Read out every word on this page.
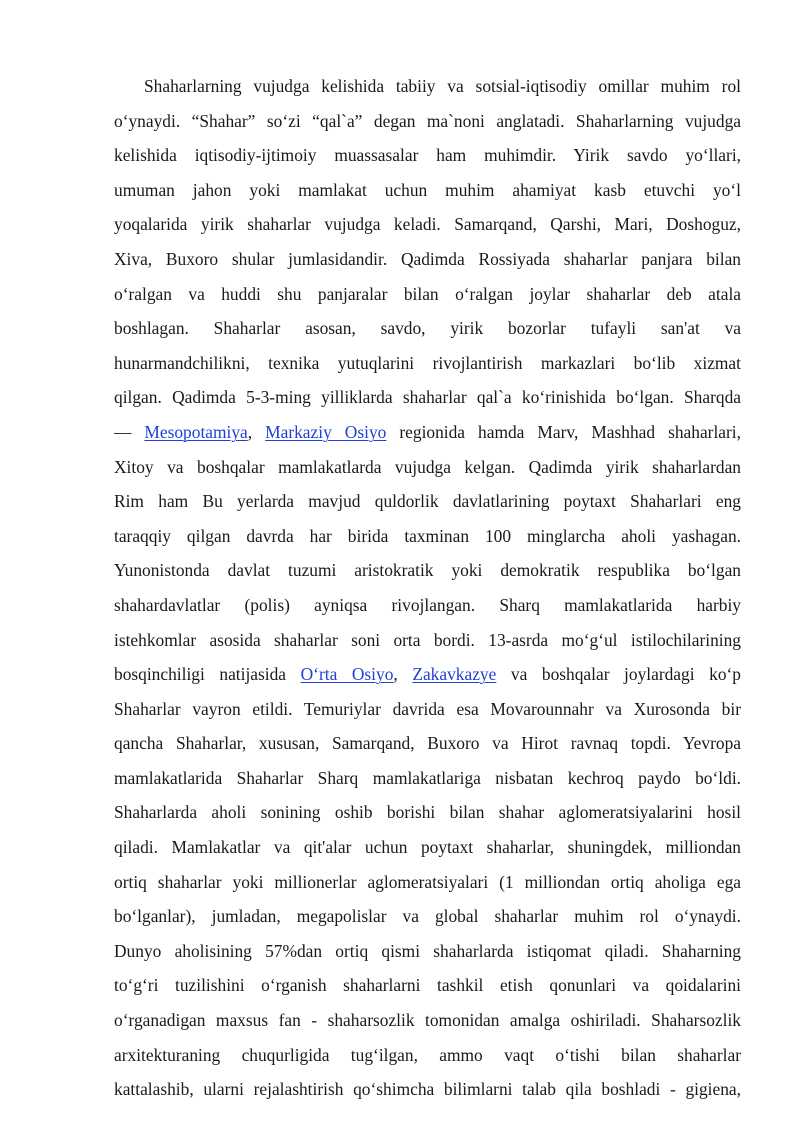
Shaharlarning vujudga kelishida tabiiy va sotsial-iqtisodiy omillar muhim rol
o‘ynaydi. “Shahar” so‘zi “qal`a” degan ma`noni anglatadi. Shaharlarning vujudga
kelishida iqtisodiy-ijtimoiy muassasalar ham muhimdir. Yirik savdo yo‘llari,
umuman jahon yoki mamlakat uchun muhim ahamiyat kasb etuvchi yo‘l
yoqalarida yirik shaharlar vujudga keladi. Samarqand, Qarshi, Mari, Doshoguz,
Xiva, Buxoro shular jumlasidandir. Qadimda Rossiyada shaharlar panjara bilan
o‘ralgan va huddi shu panjaralar bilan o‘ralgan joylar shaharlar deb atala
boshlagan. Shaharlar asosan, savdo, yirik bozorlar tufayli san'at va
hunarmandchilikni, texnika yutuqlarini rivojlantirish markazlari bo‘lib xizmat
qilgan. Qadimda 5-3-ming yilliklarda shaharlar qal`a ko‘rinishida bo‘lgan. Sharqda
— Mesopotamiya, Markaziy Osiyo regionida hamda Marv, Mashhad shaharlari,
Xitoy va boshqalar mamlakatlarda vujudga kelgan. Qadimda yirik shaharlardan
Rim ham Bu yerlarda mavjud quldorlik davlatlarining poytaxt Shaharlari eng
taraqqiy qilgan davrda har birida taxminan 100 minglarcha aholi yashagan.
Yunonistonda davlat tuzumi aristokratik yoki demokratik respublika bo‘lgan
shahardavlatlar (polis) ayniqsa rivojlangan. Sharq mamlakatlarida harbiy
istehkomlar asosida shaharlar soni orta bordi. 13-asrda mo‘g‘ul istilochilarining
bosqinchiligi natijasida O‘rta Osiyo, Zakavkazye va boshqalar joylardagi ko‘p
Shaharlar vayron etildi. Temuriylar davrida esa Movarounnahr va Xurosonda bir
qancha Shaharlar, xususan, Samarqand, Buxoro va Hirot ravnaq topdi. Yevropa
mamlakatlarida Shaharlar Sharq mamlakatlariga nisbatan kechroq paydo bo‘ldi.
Shaharlarda aholi sonining oshib borishi bilan shahar aglomeratsiyalarini hosil
qiladi. Mamlakatlar va qit'alar uchun poytaxt shaharlar, shuningdek, milliondan
ortiq shaharlar yoki millionerlar aglomeratsiyalari (1 milliondan ortiq aholiga ega
bo‘lganlar), jumladan, megapolislar va global shaharlar muhim rol o‘ynaydi.
Dunyo aholisining 57%dan ortiq qismi shaharlarda istiqomat qiladi. Shaharning
to‘g‘ri tuzilishini o‘rganish shaharlarni tashkil etish qonunlari va qoidalarini
o‘rganadigan maxsus fan - shaharsozlik tomonidan amalga oshiriladi. Shaharsozlik
arxitekturaning chuqurligida tug‘ilgan, ammo vaqt o‘tishi bilan shaharlar
kattalashib, ularni rejalashtirish qo‘shimcha bilimlarni talab qila boshladi - gigiena,
